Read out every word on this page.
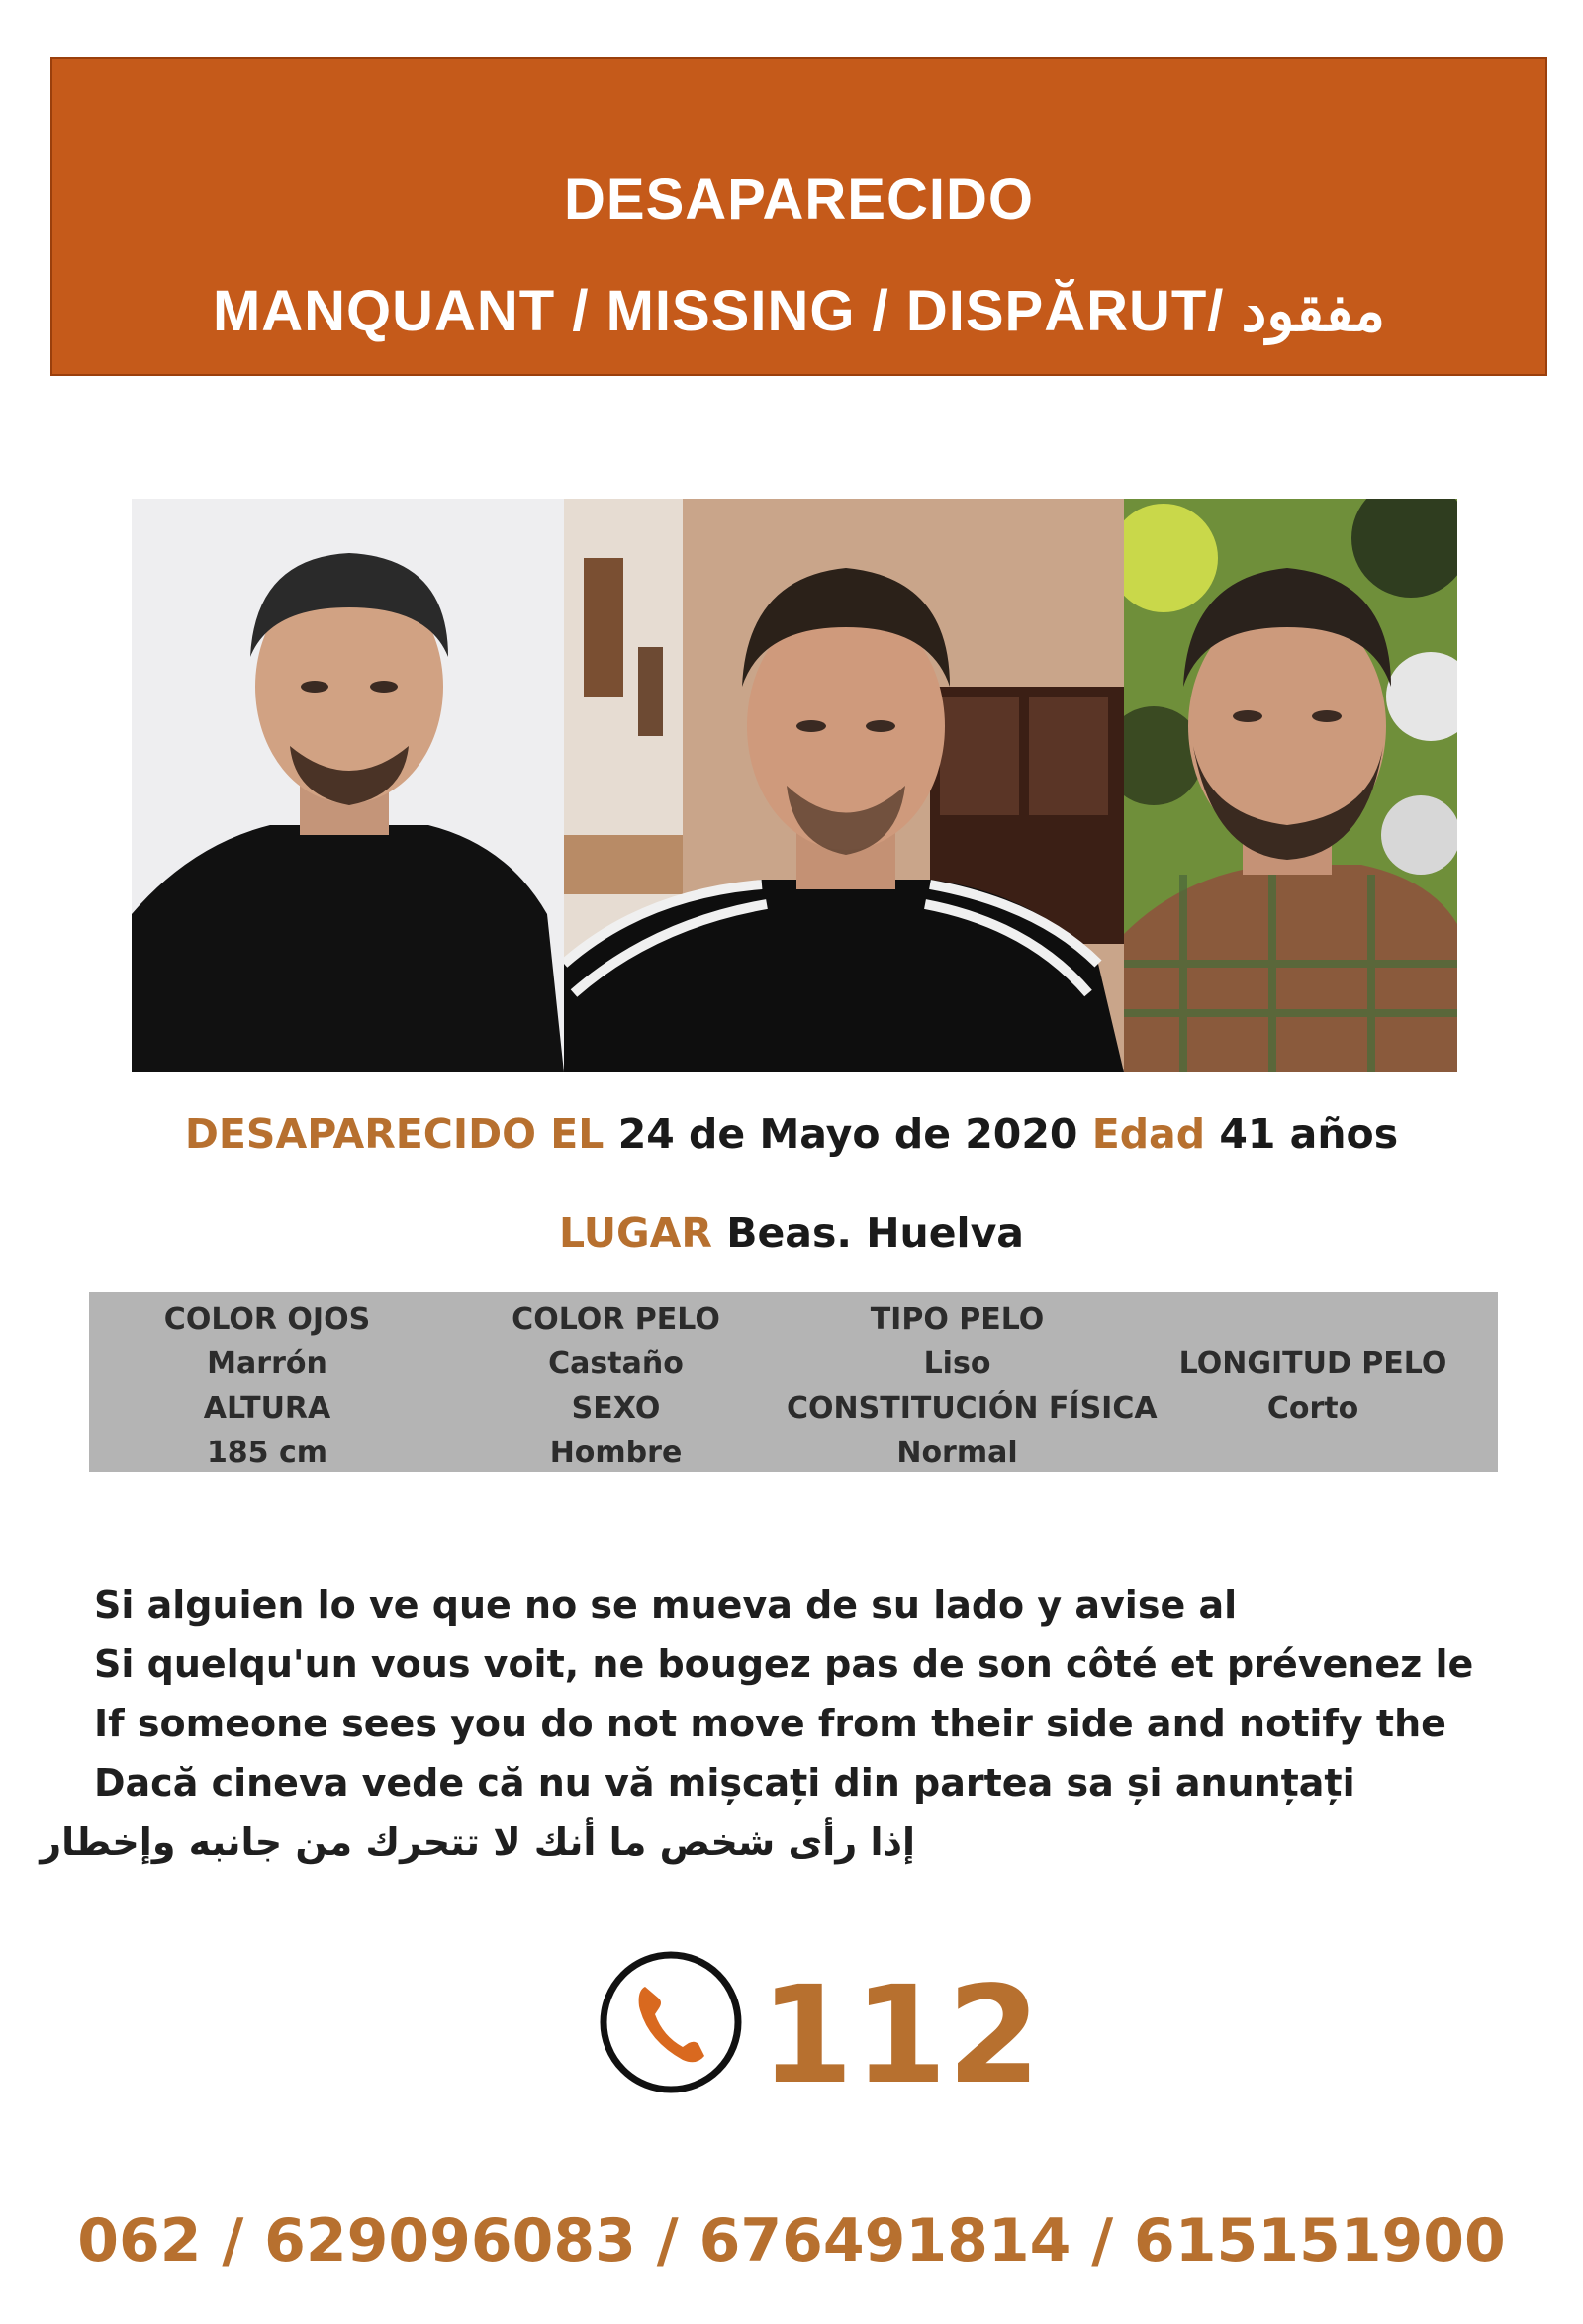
DESAPARECIDO
MANQUANT / MISSING / DISPĂRUT/ مفقود
DESAPARECIDO EL 24 de Mayo de 2020 Edad 41 años
LUGAR Beas. Huelva
COLOR OJOS
Marrón
ALTURA
185 cm
COLOR PELO
Castaño
SEXO
Hombre
TIPO PELO
Liso
CONSTITUCIÓN FÍSICA
Normal
LONGITUD PELO
Corto
Si alguien lo ve que no se mueva de su lado y avise al
Si quelqu'un vous voit, ne bougez pas de son côté et prévenez le
If someone sees you do not move from their side and notify the
Dacă cineva vede că nu vă mișcați din partea sa și anunțați
إذا رأى شخص ما أنك لا تتحرك من جانبه وإخطار
112
062 / 629096083 / 676491814 / 615151900
